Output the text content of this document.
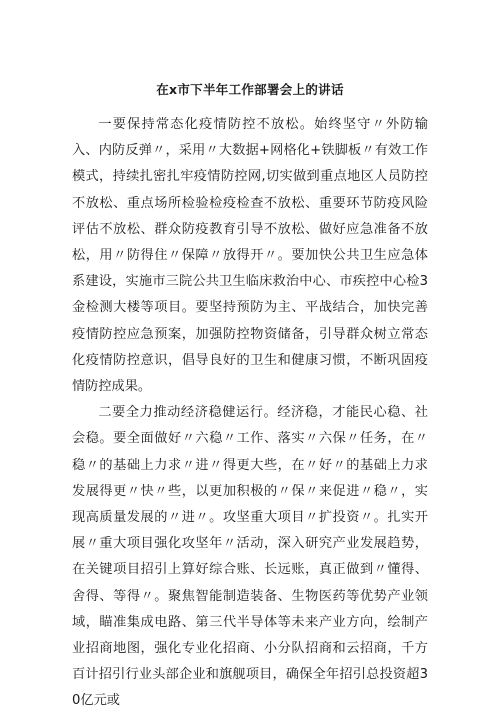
在x市下半年工作部署会上的讲话

一要保持常态化疫情防控不放松。始终坚守〃外防输入、内防反弹〃，采用〃大数据+网格化+铁脚板〃有效工作模式，持续扎密扎牢疫情防控网,切实做到重点地区人员防控不放松、重点场所检验检疫检查不放松、重要环节防疫风险评估不放松、群众防疫教育引导不放松、做好应急准备不放松，用〃防得住〃保障〃放得开〃。要加快公共卫生应急体系建设，实施市三院公共卫生临床救治中心、市疾控中心检3金检测大楼等项目。要坚持预防为主、平战结合，加快完善疫情防控应急预案，加强防控物资储备，引导群众树立常态化疫情防控意识，倡导良好的卫生和健康习惯，不断巩固疫情防控成果。

二要全力推动经济稳健运行。经济稳，才能民心稳、社会稳。要全面做好〃六稳〃工作、落实〃六保〃任务，在〃稳〃的基础上力求〃进〃得更大些，在〃好〃的基础上力求发展得更〃快〃些，以更加积极的〃保〃来促进〃稳〃，实现高质量发展的〃进〃。攻坚重大项目〃扩投资〃。扎实开展〃重大项目强化攻坚年〃活动，深入研究产业发展趋势，在关键项目招引上算好综合账、长远账，真正做到〃懂得、舍得、等得〃。聚焦智能制造装备、生物医药等优势产业领域，瞄准集成电路、第三代半导体等未来产业方向，绘制产业招商地图，强化专业化招商、小分队招商和云招商，千方百计招引行业头部企业和旗舰项目，确保全年招引总投资超30亿元或
